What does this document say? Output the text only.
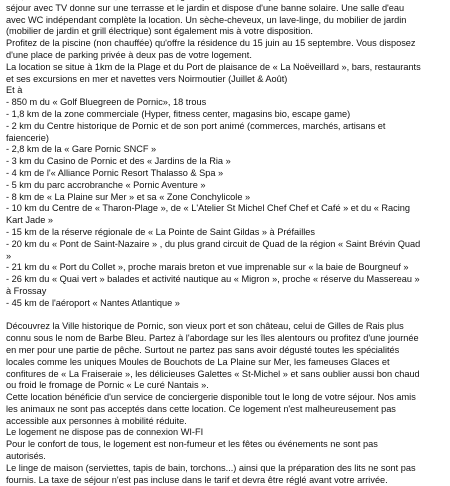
séjour avec TV donne sur une terrasse et le jardin et dispose d'une banne solaire. Une salle d'eau
avec WC indépendant complète la location. Un sèche-cheveux, un lave-linge, du mobilier de jardin
(mobilier de jardin et grill électrique) sont également mis à votre disposition.
Profitez de la piscine (non chauffée) qu'offre la résidence du 15 juin au 15 septembre. Vous disposez
d'une place de parking privée à deux pas de votre logement.
La location se situe à 1km de la Plage et du Port de plaisance de « La Noëveillard », bars, restaurants
et ses excursions en mer et navettes vers Noirmoutier (Juillet & Août)
Et à
- 850 m du « Golf Bluegreen de Pornic», 18 trous
- 1,8 km de la zone commerciale (Hyper, fitness center, magasins bio, escape game)
- 2 km du Centre historique de Pornic et de son port animé (commerces, marchés, artisans et
faiencerie)
- 2,8 km de la « Gare Pornic SNCF »
- 3 km du Casino de Pornic et des « Jardins de la Ria »
- 4 km de l'« Alliance Pornic Resort Thalasso & Spa »
- 5 km du parc accrobranche « Pornic Aventure »
- 8 km de « La Plaine sur Mer » et sa « Zone Conchylicole »
- 10 km du Centre de « Tharon-Plage », de « L'Atelier St Michel Chef Chef et Café » et du « Racing
Kart Jade »
- 15 km de la réserve régionale de « La Pointe de Saint Gildas » à Préfailles
- 20 km du « Pont de Saint-Nazaire » , du plus grand circuit de Quad de la région « Saint Brévin Quad
»
- 21 km du « Port du Collet », proche marais breton et vue imprenable sur « la baie de Bourgneuf »
- 26 km du « Quai vert » balades et activité nautique au « Migron », proche « réserve du Massereau »
à Frossay
- 45 km de l'aéroport « Nantes Atlantique »
Découvrez la Ville historique de Pornic, son vieux port et son château, celui de Gilles de Rais plus
connu sous le nom de Barbe Bleu. Partez à l'abordage sur les îles alentours ou profitez d'une journée
en mer pour une partie de pêche. Surtout ne partez pas sans avoir dégusté toutes les spécialités
locales comme les uniques Moules de Bouchots de La Plaine sur Mer, les fameuses Glaces et
confitures de « La Fraiseraie », les délicieuses Galettes « St-Michel » et sans oublier aussi bon chaud
ou froid le fromage de Pornic « Le curé Nantais ».
Cette location bénéficie d'un service de conciergerie disponible tout le long de votre séjour. Nos amis
les animaux ne sont pas acceptés dans cette location. Ce logement n'est malheureusement pas
accessible aux personnes à mobilité réduite.
Le logement ne dispose pas de connexion WI-FI
Pour le confort de tous, le logement est non-fumeur et les fêtes ou événements ne sont pas
autorisés.
Le linge de maison (serviettes, tapis de bain, torchons...) ainsi que la préparation des lits ne sont pas
fournis. La taxe de séjour n'est pas incluse dans le tarif et devra être réglé avant votre arrivée.
